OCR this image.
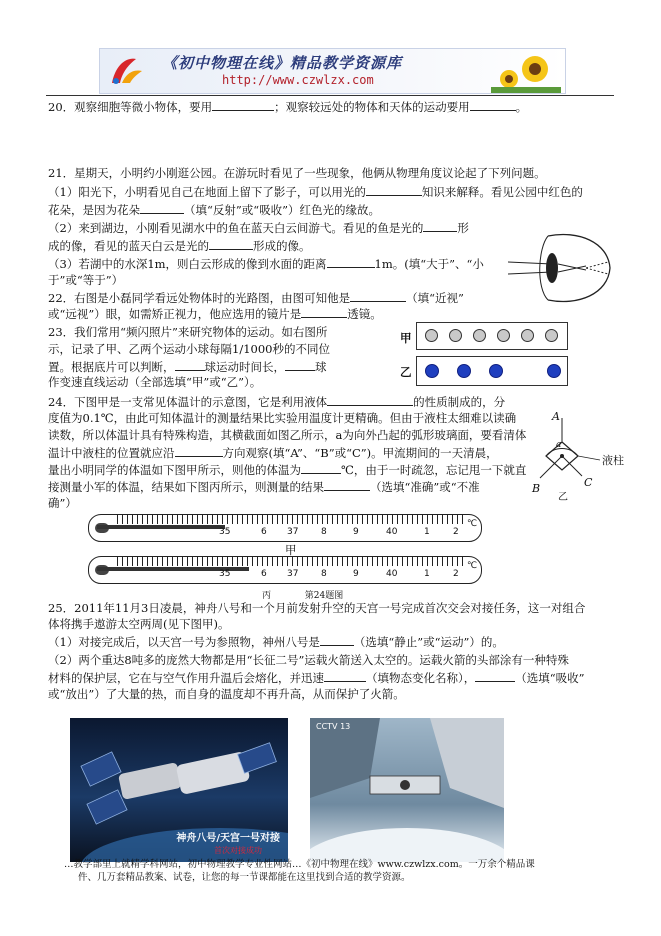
《初中物理在线》精品教学资源库
http://www.czwlzx.com
20．观察细胞等微小物体，要用	；观察较远处的物体和天体的运动要用	。
21．星期天，小明约小刚逛公园。在游玩时看见了一些现象，他俩从物理角度议论起了下列问题。
（1）阳光下，小明看见自己在地面上留下了影子，可以用光的	知识来解释。看见公园中红色的
花朵，是因为花朵	（填“反射”或“吸收”）红色光的缘故。
（2）来到湖边，小刚看见湖水中的鱼在蓝天白云间游弋。看见的鱼是光的	形
成的像，看见的蓝天白云是光的	形成的像。
（3）若湖中的水深1m，则白云形成的像到水面的距离	1m。(填“大于”、“小
于”或“等于”）
22．右图是小磊同学看远处物体时的光路图，由图可知他是	（填“近视”
或“远视”）眼，如需矫正视力，他应选用的镜片是	透镜。
23．我们常用“频闪照片”来研究物体的运动。如右图所
示，记录了甲、乙两个运动小球每隔1/1000秒的不同位
置。根据底片可以判断，	球运动时间长，	球
作变速直线运动（全部选填“甲”或“乙”）。
甲
乙
24．下图甲是一支常见体温计的示意图，它是利用液体	的性质制成的，分
度值为0.1℃，由此可知体温计的测量结果比实验用温度计更精确。但由于液柱太细难以读确
读数，所以体温计具有特殊构造，其横截面如图乙所示，a为向外凸起的弧形玻璃面，要看清体
温计中液柱的位置就应沿	方向观察(填“A”、“B”或“C”)。甲流期间的一天清晨，
量出小明同学的体温如下图甲所示，则他的体温为	℃，由于一时疏忽，忘记甩一下就直
接测量小军的体温，结果如下图丙所示，则测量的结果	（选填“准确”或“不准
确”）
A
a
液柱
B	C
乙
35	6 37	8	9	40	1	2
℃
甲
35	6 37	8	9	40	1	2
℃
丙	第24题图
25．2011年11月3日凌晨，神舟八号和一个月前发射升空的天宫一号完成首次交会对接任务，这一对组合
体将携手遨游太空两周(见下图甲)。
（1）对接完成后，以天宫一号为参照物，神州八号是	（选填“静止”或“运动”）的。
（2）两个重达8吨多的庞然大物都是用“长征二号”运载火箭送入太空的。运载火箭的头部涂有一种特殊
材料的保护层，它在与空气作用升温后会熔化，并迅速	（填物态变化名称），	（选填“吸收”
或“放出”）了大量的热，而自身的温度却不再升高，从而保护了火箭。
神舟八号/天宫一号对接
首次对接成功
CCTV 13
…教学部里上就精学科网站，初中物理教学专业性网站…《初中物理在线》www.czwlzx.com。一万余个精品课
件、几万套精品教案、试卷，让您的每一节课都能在这里找到合适的教学资源。
